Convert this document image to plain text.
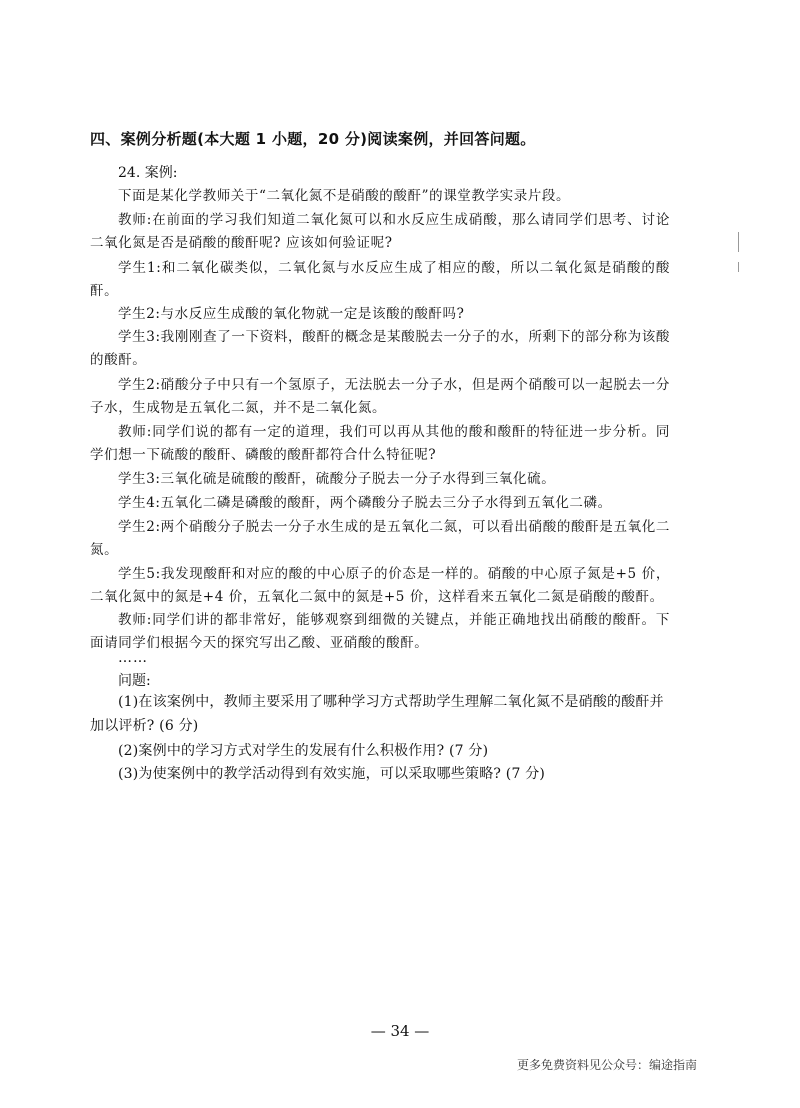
四、案例分析题(本大题 1 小题，20 分)阅读案例，并回答问题。
24. 案例:
下面是某化学教师关于“二氧化氮不是硝酸的酸酐”的课堂教学实录片段。
教师:在前面的学习我们知道二氧化氮可以和水反应生成硝酸，那么请同学们思考、讨论二氧化氮是否是硝酸的酸酐呢? 应该如何验证呢?
学生1:和二氧化碳类似，二氧化氮与水反应生成了相应的酸，所以二氧化氮是硝酸的酸酐。
学生2:与水反应生成酸的氧化物就一定是该酸的酸酐吗?
学生3:我刚刚查了一下资料，酸酐的概念是某酸脱去一分子的水，所剩下的部分称为该酸的酸酐。
学生2:硝酸分子中只有一个氢原子，无法脱去一分子水，但是两个硝酸可以一起脱去一分子水，生成物是五氧化二氮，并不是二氧化氮。
教师:同学们说的都有一定的道理，我们可以再从其他的酸和酸酐的特征进一步分析。同学们想一下硫酸的酸酐、磷酸的酸酐都符合什么特征呢?
学生3:三氧化硫是硫酸的酸酐，硫酸分子脱去一分子水得到三氧化硫。
学生4:五氧化二磷是磷酸的酸酐，两个磷酸分子脱去三分子水得到五氧化二磷。
学生2:两个硝酸分子脱去一分子水生成的是五氧化二氮，可以看出硝酸的酸酐是五氧化二氮。
学生5:我发现酸酐和对应的酸的中心原子的价态是一样的。硝酸的中心原子氮是+5 价，二氧化氮中的氮是+4 价，五氧化二氮中的氮是+5 价，这样看来五氧化二氮是硝酸的酸酐。
教师:同学们讲的都非常好，能够观察到细微的关键点，并能正确地找出硝酸的酸酐。下面请同学们根据今天的探究写出乙酸、亚硝酸的酸酐。
……
问题:
(1)在该案例中，教师主要采用了哪种学习方式帮助学生理解二氧化氮不是硝酸的酸酐并加以评析? (6 分)
(2)案例中的学习方式对学生的发展有什么积极作用? (7 分)
(3)为使案例中的教学活动得到有效实施，可以采取哪些策略? (7 分)
— 34 —
更多免费资料见公众号：编途指南
